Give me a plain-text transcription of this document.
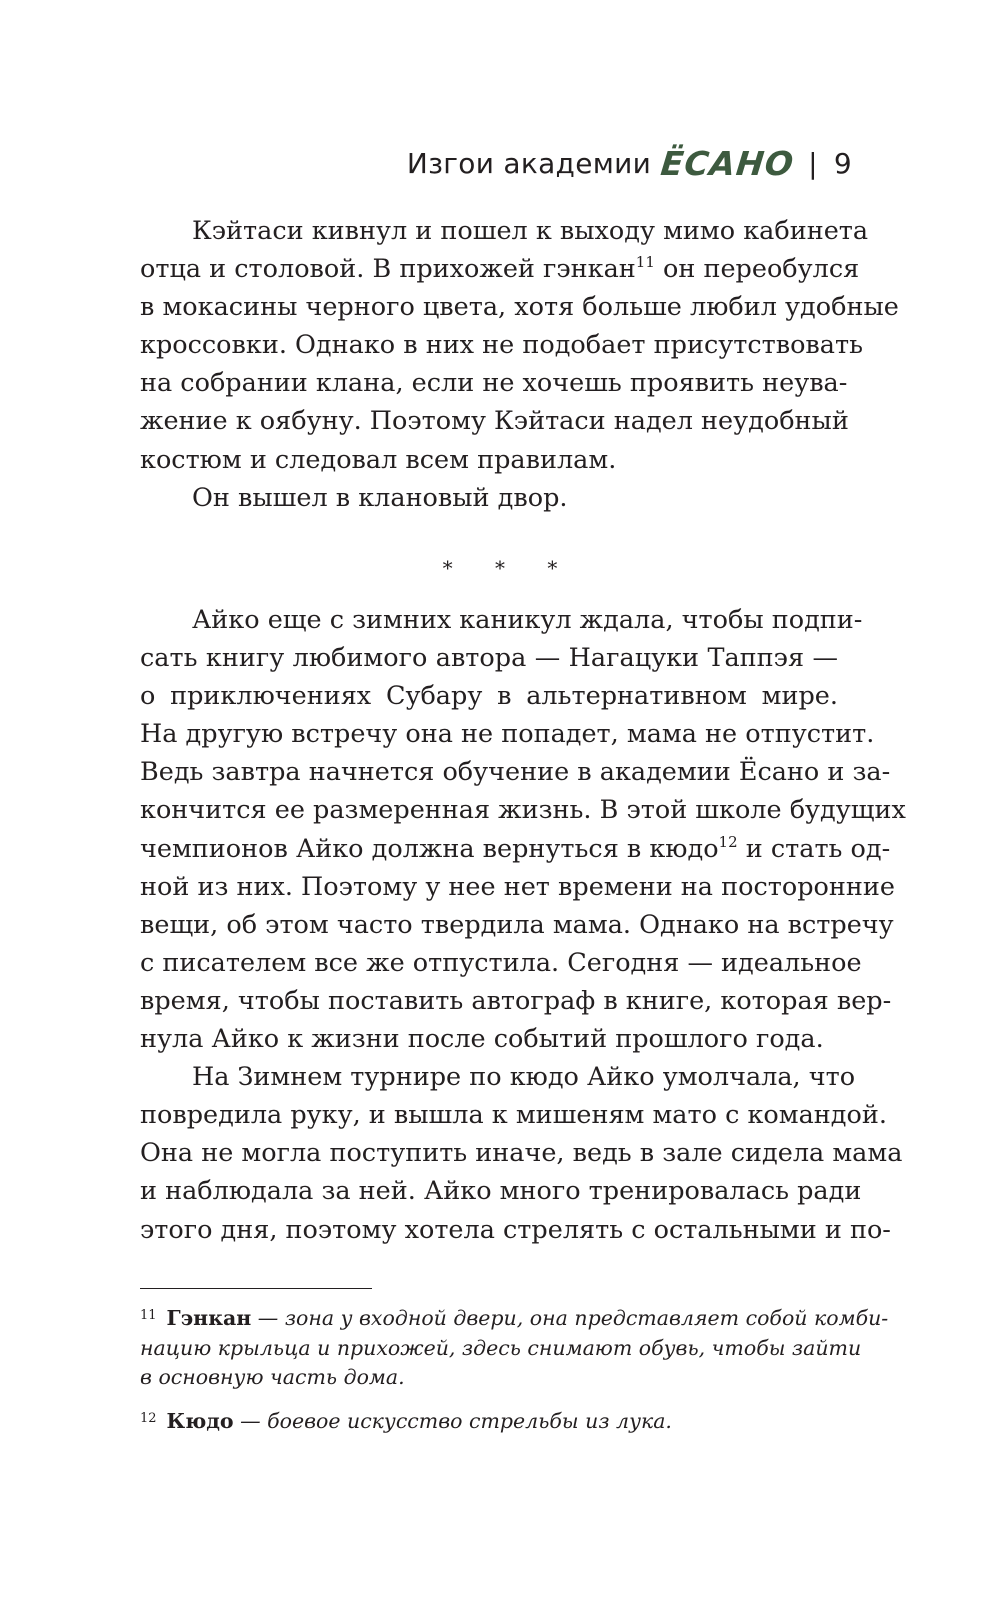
Изгои академии ЁСАНО | 9
Кэйтаси кивнул и пошел к выходу мимо кабинета
отца и столовой. В прихожей гэнкан$^{11}$ он переобулся
в мокасины черного цвета, хотя больше любил удобные
кроссовки. Однако в них не подобает присутствовать
на собрании клана, если не хочешь проявить неува-
жение к оябуну. Поэтому Кэйтаси надел неудобный
костюм и следовал всем правилам.
Он вышел в клановый двор.
* * *
Айко еще с зимних каникул ждала, чтобы подпи-
сать книгу любимого автора — Нагацуки Таппэя —
о приключениях Субару в альтернативном мире.
На другую встречу она не попадет, мама не отпустит.
Ведь завтра начнется обучение в академии Ёсано и за-
кончится ее размеренная жизнь. В этой школе будущих
чемпионов Айко должна вернуться в кюдо$^{12}$ и стать од-
ной из них. Поэтому у нее нет времени на посторонние
вещи, об этом часто твердила мама. Однако на встречу
с писателем все же отпустила. Сегодня — идеальное
время, чтобы поставить автограф в книге, которая вер-
нула Айко к жизни после событий прошлого года.
На Зимнем турнире по кюдо Айко умолчала, что
повредила руку, и вышла к мишеням мато с командой.
Она не могла поступить иначе, ведь в зале сидела мама
и наблюдала за ней. Айко много тренировалась ради
этого дня, поэтому хотела стрелять с остальными и по-
$^{11}$ Гэнкан — зона у входной двери, она представляет собой комби-
нацию крыльца и прихожей, здесь снимают обувь, чтобы зайти
в основную часть дома.
$^{12}$ Кюдо — боевое искусство стрельбы из лука.
